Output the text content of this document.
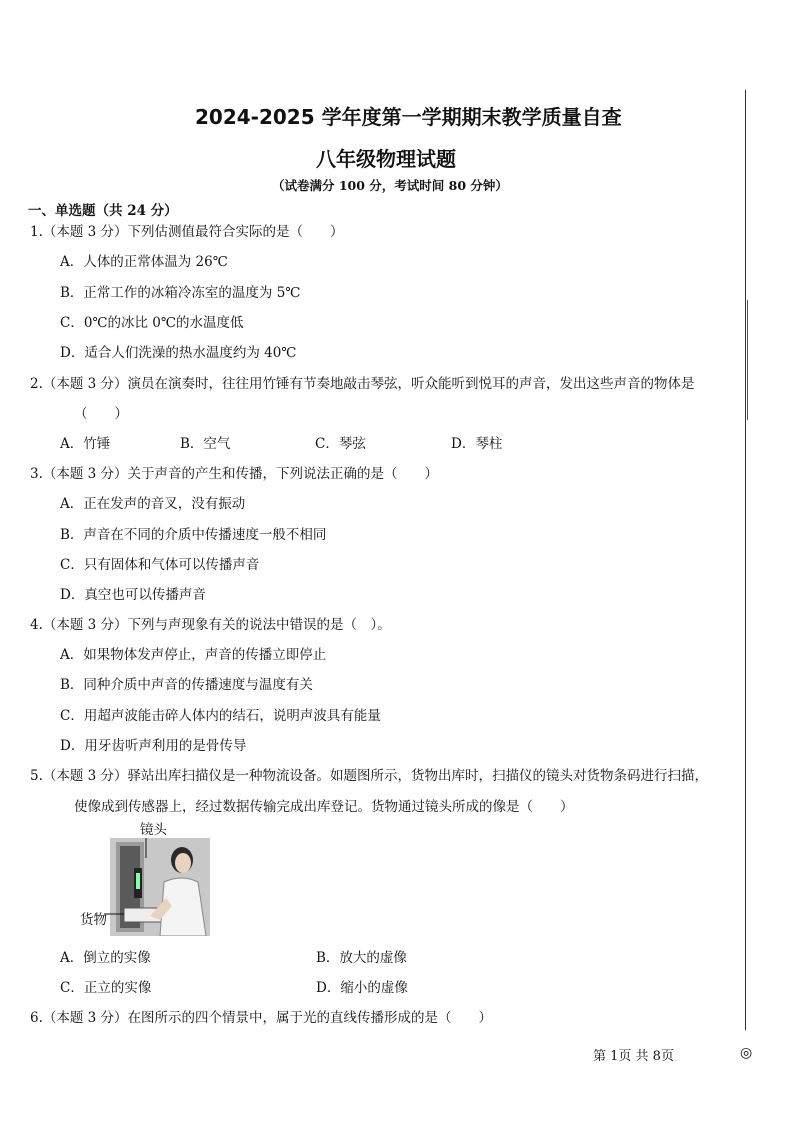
2024-2025 学年度第一学期期末教学质量自查
八年级物理试题
（试卷满分 100 分，考试时间 80 分钟）
一、单选题（共 24 分）
1.（本题 3 分）下列估测值最符合实际的是（　　）
A．人体的正常体温为 26℃
B．正常工作的冰箱冷冻室的温度为 5℃
C．0℃的冰比 0℃的水温度低
D．适合人们洗澡的热水温度约为 40℃
2.（本题 3 分）演员在演奏时，往往用竹锤有节奏地敲击琴弦，听众能听到悦耳的声音，发出这些声音的物体是
（　　）
A．竹锤	B．空气	C．琴弦	D．琴柱
3.（本题 3 分）关于声音的产生和传播，下列说法正确的是（　　）
A．正在发声的音叉，没有振动
B．声音在不同的介质中传播速度一般不相同
C．只有固体和气体可以传播声音
D．真空也可以传播声音
4.（本题 3 分）下列与声现象有关的说法中错误的是（　）。
A．如果物体发声停止，声音的传播立即停止
B．同种介质中声音的传播速度与温度有关
C．用超声波能击碎人体内的结石，说明声波具有能量
D．用牙齿听声利用的是骨传导
5.（本题 3 分）驿站出库扫描仪是一种物流设备。如题图所示，货物出库时，扫描仪的镜头对货物条码进行扫描，
使像成到传感器上，经过数据传输完成出库登记。货物通过镜头所成的像是（　　）
镜头
货物
A．倒立的实像	B．放大的虚像
C．正立的实像	D．缩小的虚像
6.（本题 3 分）在图所示的四个情景中，属于光的直线传播形成的是（　　）
第 1页 共 8页	◎
